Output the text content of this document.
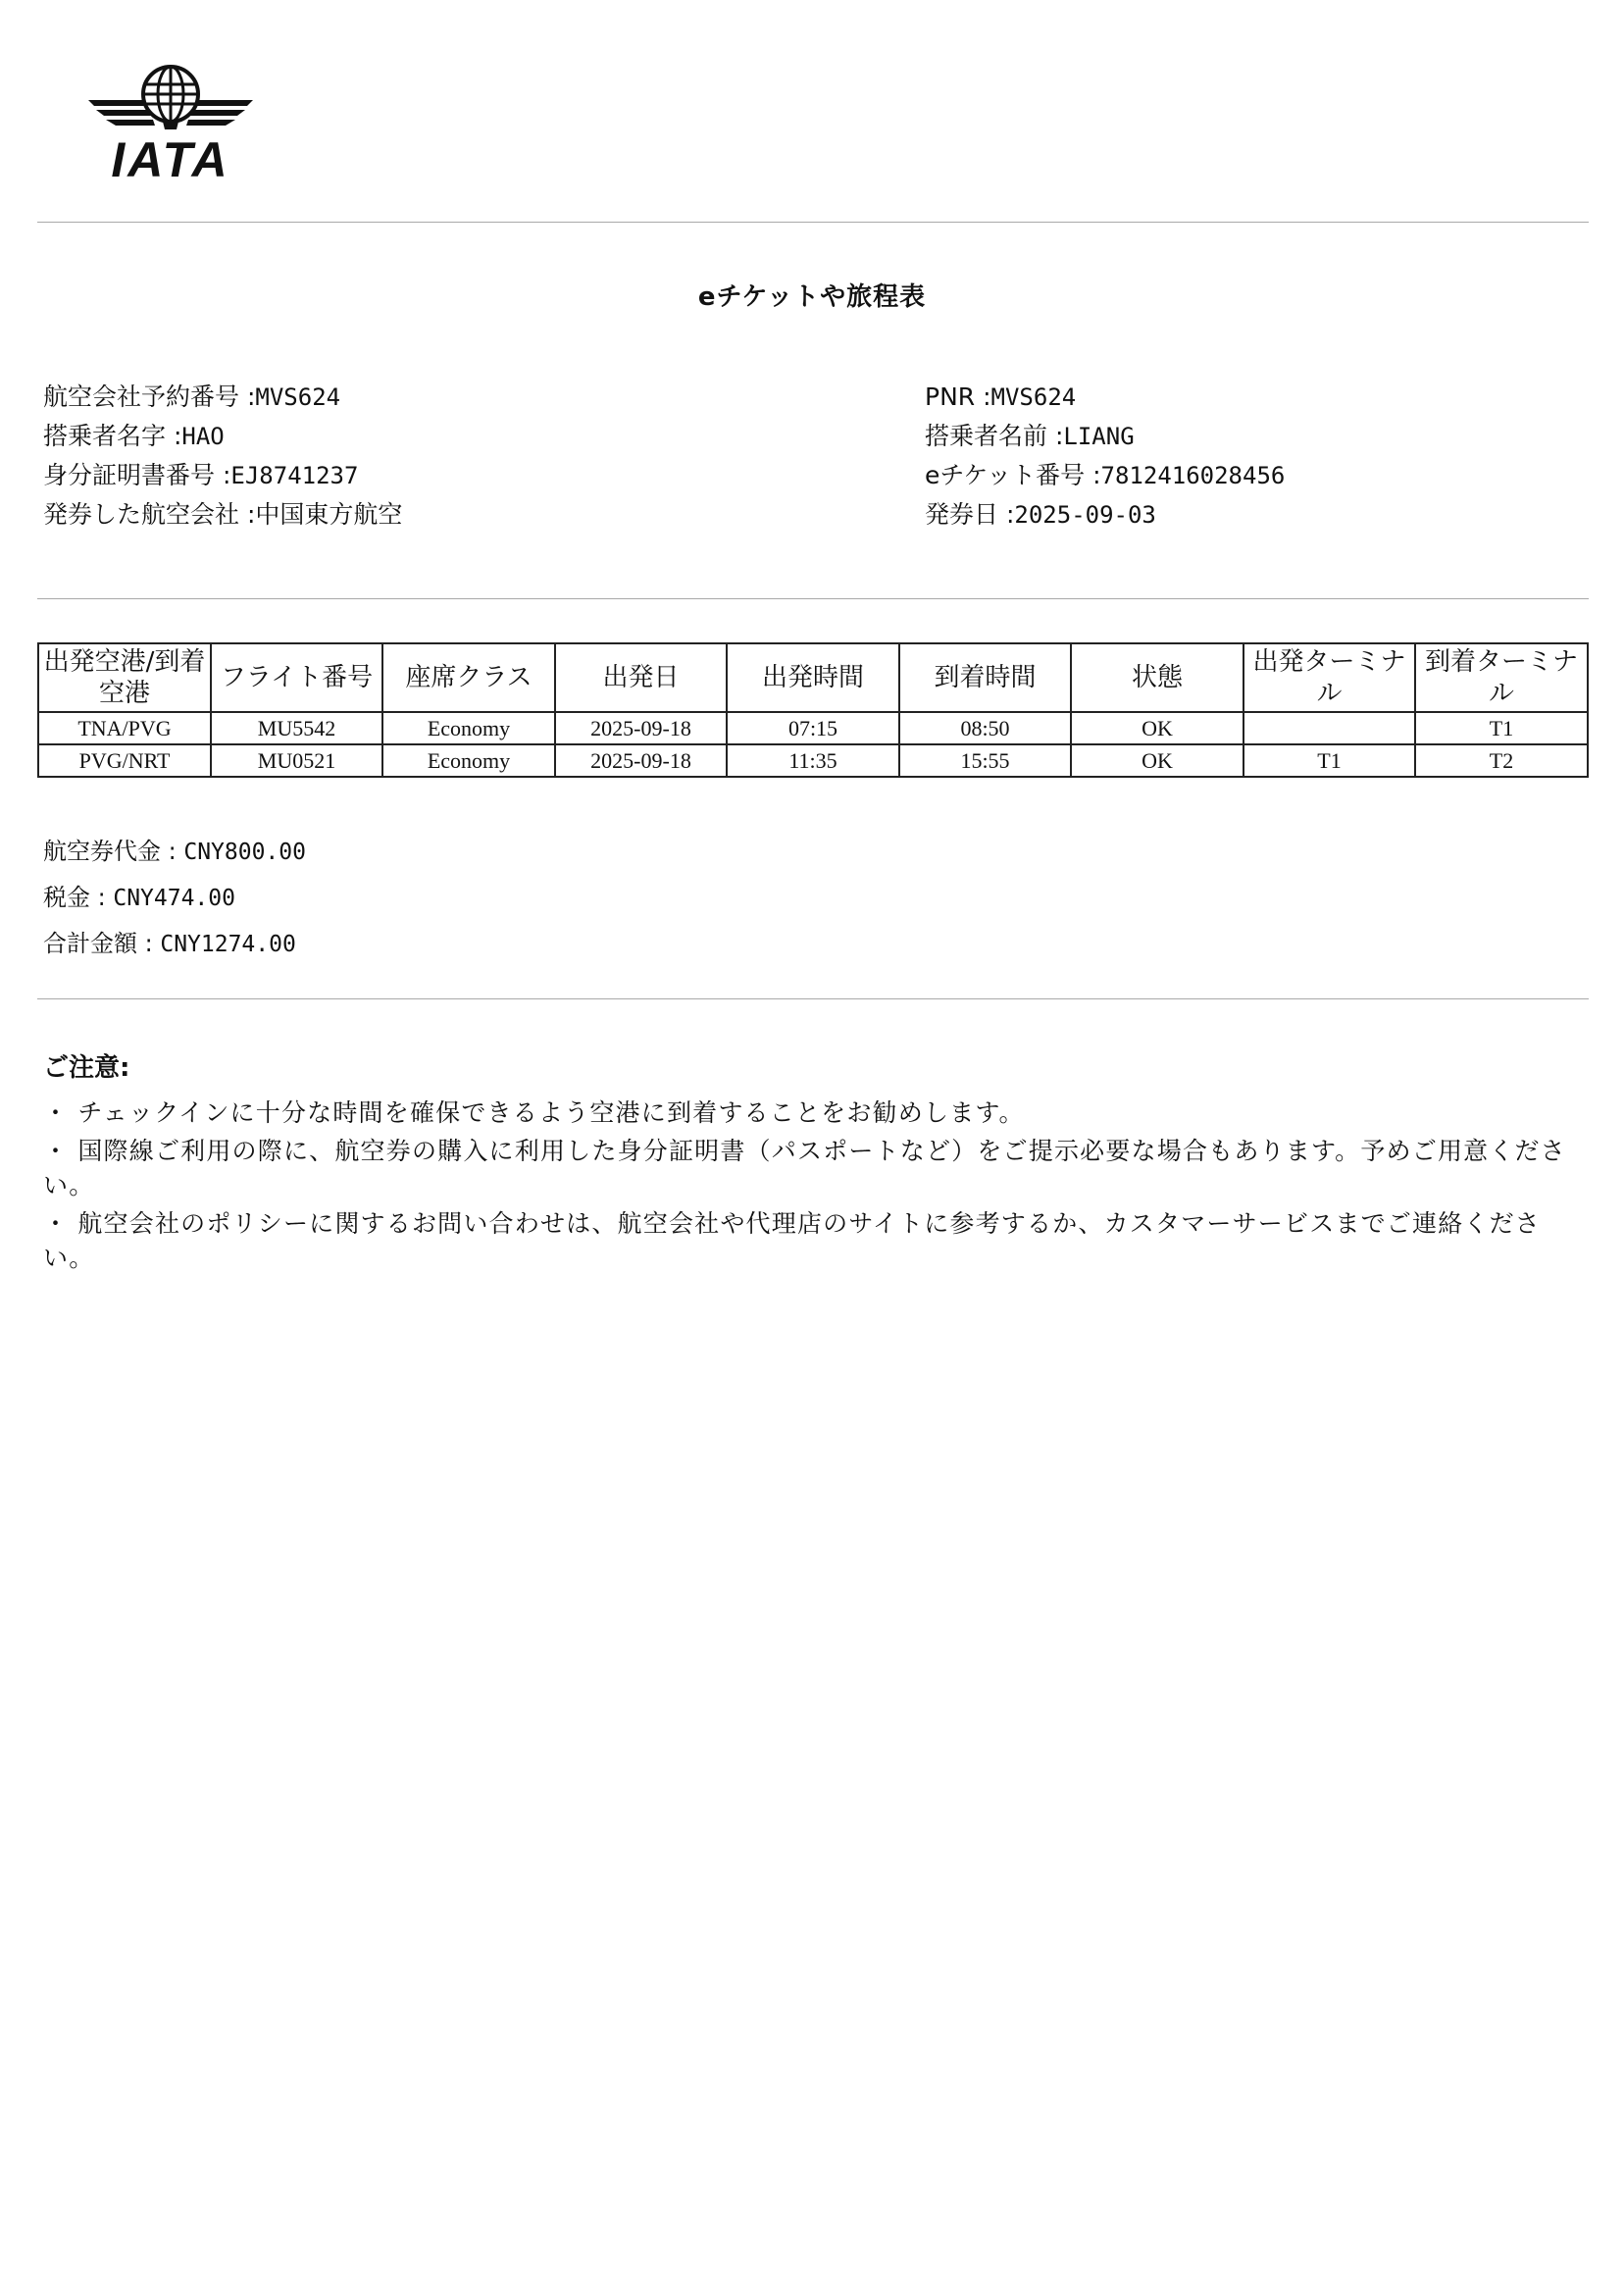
IATA
eチケットや旅程表
航空会社予約番号 :MVS624
搭乗者名字 :HAO
身分証明書番号 :EJ8741237
発券した航空会社 :中国東方航空
PNR :MVS624
搭乗者名前 :LIANG
eチケット番号 :7812416028456
発券日 :2025-09-03
出発空港/到着空港	フライト番号	座席クラス	出発日	出発時間	到着時間	状態	出発ターミナル	到着ターミナル
TNA/PVG	MU5542	Economy	2025-09-18	07:15	08:50	OK		T1
PVG/NRT	MU0521	Economy	2025-09-18	11:35	15:55	OK	T1	T2
航空券代金 : CNY800.00
税金 : CNY474.00
合計金額 : CNY1274.00
ご注意:
・ チェックインに十分な時間を確保できるよう空港に到着することをお勧めします。
・ 国際線ご利用の際に、航空券の購入に利用した身分証明書（パスポートなど）をご提示必要な場合もあります。予めご用意ください。
・ 航空会社のポリシーに関するお問い合わせは、航空会社や代理店のサイトに参考するか、カスタマーサービスまでご連絡ください。
